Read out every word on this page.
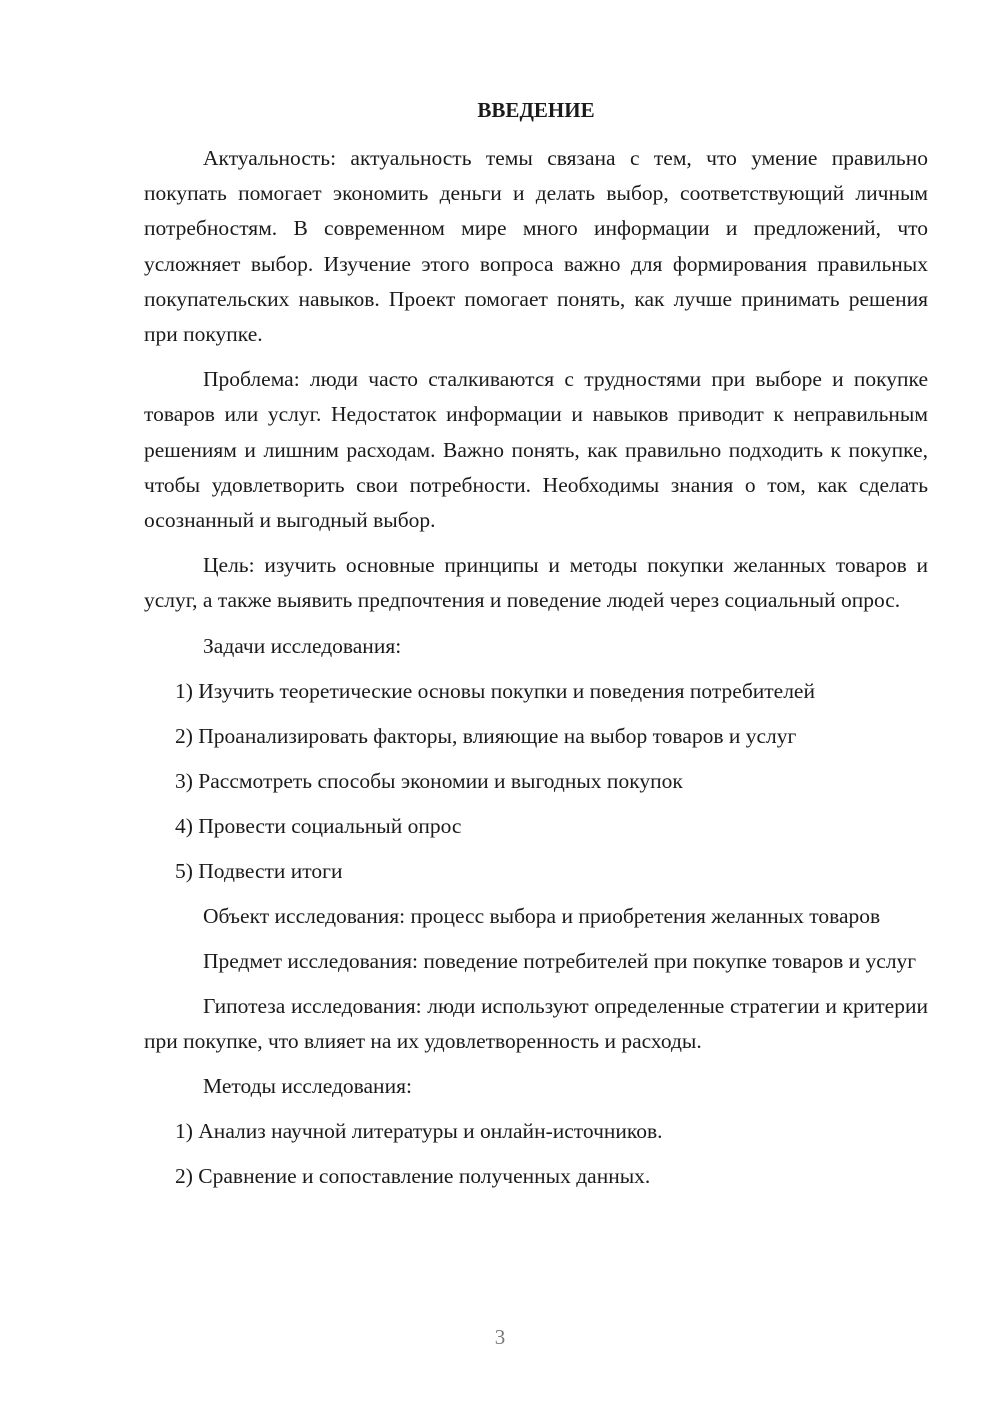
ВВЕДЕНИЕ

Актуальность: актуальность темы связана с тем, что умение правильно покупать помогает экономить деньги и делать выбор, соответствующий личным потребностям. В современном мире много информации и предложений, что усложняет выбор. Изучение этого вопроса важно для формирования правильных покупательских навыков. Проект помогает понять, как лучше принимать решения при покупке.

Проблема: люди часто сталкиваются с трудностями при выборе и покупке товаров или услуг. Недостаток информации и навыков приводит к неправильным решениям и лишним расходам. Важно понять, как правильно подходить к покупке, чтобы удовлетворить свои потребности. Необходимы знания о том, как сделать осознанный и выгодный выбор.

Цель: изучить основные принципы и методы покупки желанных товаров и услуг, а также выявить предпочтения и поведение людей через социальный опрос.

Задачи исследования:

1) Изучить теоретические основы покупки и поведения потребителей

2) Проанализировать факторы, влияющие на выбор товаров и услуг

3) Рассмотреть способы экономии и выгодных покупок

4) Провести социальный опрос

5) Подвести итоги

Объект исследования: процесс выбора и приобретения желанных товаров

Предмет исследования: поведение потребителей при покупке товаров и услуг

Гипотеза исследования: люди используют определенные стратегии и критерии при покупке, что влияет на их удовлетворенность и расходы.

Методы исследования:

1) Анализ научной литературы и онлайн-источников.

2) Сравнение и сопоставление полученных данных.

3
